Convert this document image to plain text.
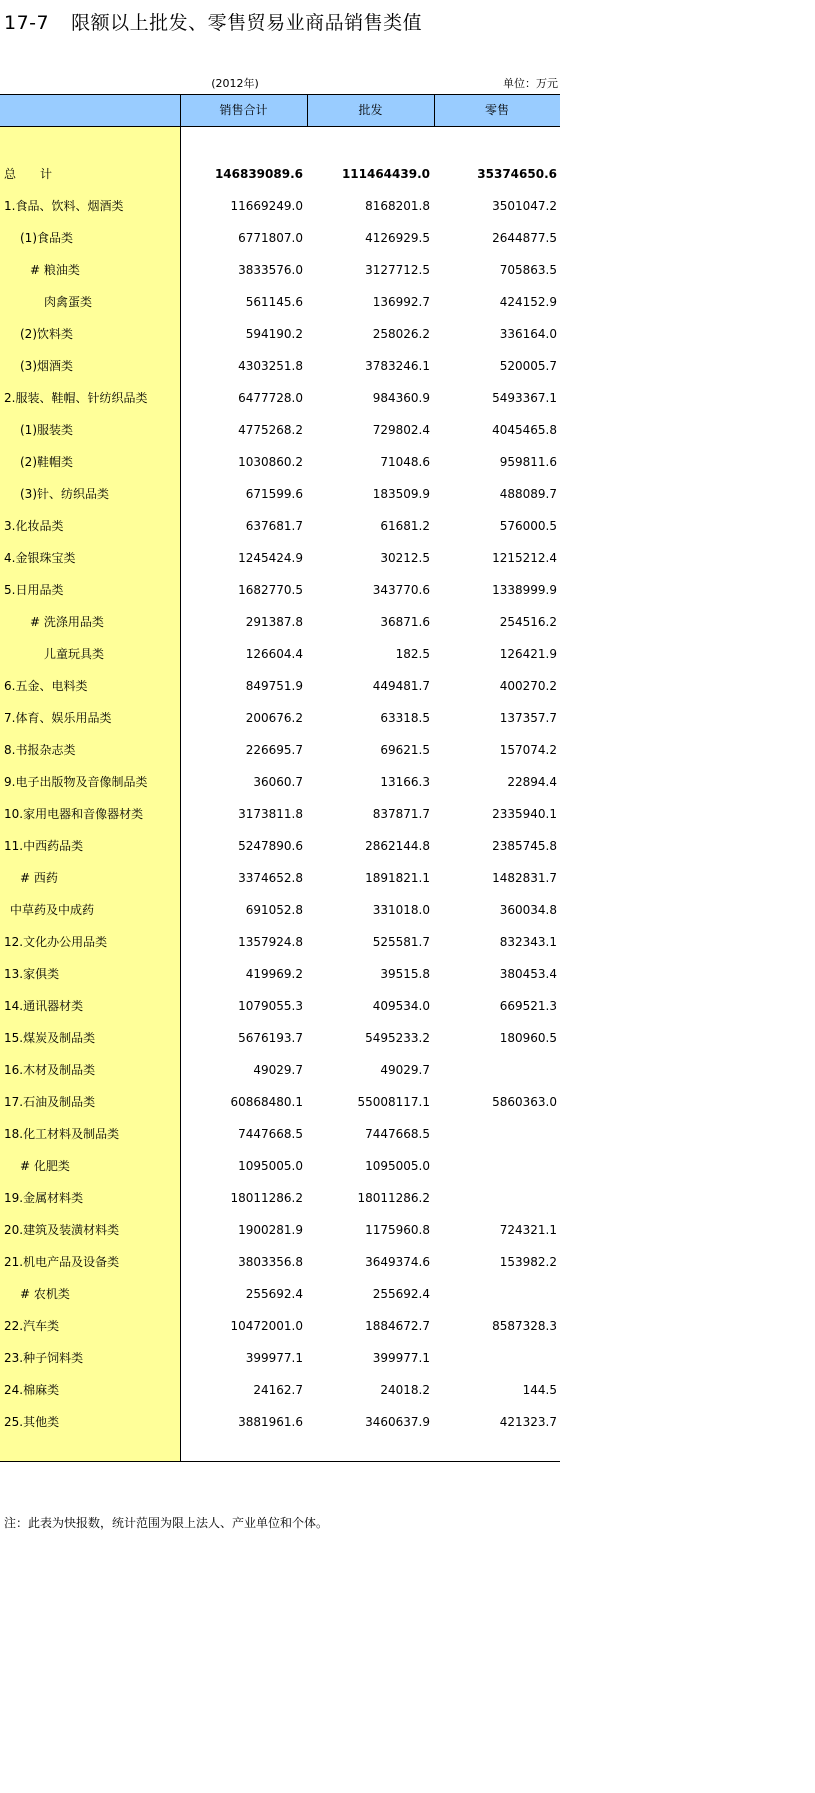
17-7 限额以上批发、零售贸易业商品销售类值
(2012年)	单位：万元
销售合计	批发	零售
总　　计	146839089.6	111464439.0	35374650.6
1.食品、饮料、烟酒类	11669249.0	8168201.8	3501047.2
(1)食品类	6771807.0	4126929.5	2644877.5
# 粮油类	3833576.0	3127712.5	705863.5
肉禽蛋类	561145.6	136992.7	424152.9
(2)饮料类	594190.2	258026.2	336164.0
(3)烟酒类	4303251.8	3783246.1	520005.7
2.服装、鞋帽、针纺织品类	6477728.0	984360.9	5493367.1
(1)服装类	4775268.2	729802.4	4045465.8
(2)鞋帽类	1030860.2	71048.6	959811.6
(3)针、纺织品类	671599.6	183509.9	488089.7
3.化妆品类	637681.7	61681.2	576000.5
4.金银珠宝类	1245424.9	30212.5	1215212.4
5.日用品类	1682770.5	343770.6	1338999.9
# 洗涤用品类	291387.8	36871.6	254516.2
儿童玩具类	126604.4	182.5	126421.9
6.五金、电料类	849751.9	449481.7	400270.2
7.体育、娱乐用品类	200676.2	63318.5	137357.7
8.书报杂志类	226695.7	69621.5	157074.2
9.电子出版物及音像制品类	36060.7	13166.3	22894.4
10.家用电器和音像器材类	3173811.8	837871.7	2335940.1
11.中西药品类	5247890.6	2862144.8	2385745.8
# 西药	3374652.8	1891821.1	1482831.7
中草药及中成药	691052.8	331018.0	360034.8
12.文化办公用品类	1357924.8	525581.7	832343.1
13.家俱类	419969.2	39515.8	380453.4
14.通讯器材类	1079055.3	409534.0	669521.3
15.煤炭及制品类	5676193.7	5495233.2	180960.5
16.木材及制品类	49029.7	49029.7
17.石油及制品类	60868480.1	55008117.1	5860363.0
18.化工材料及制品类	7447668.5	7447668.5
# 化肥类	1095005.0	1095005.0
19.金属材料类	18011286.2	18011286.2
20.建筑及装潢材料类	1900281.9	1175960.8	724321.1
21.机电产品及设备类	3803356.8	3649374.6	153982.2
# 农机类	255692.4	255692.4
22.汽车类	10472001.0	1884672.7	8587328.3
23.种子饲料类	399977.1	399977.1
24.棉麻类	24162.7	24018.2	144.5
25.其他类	3881961.6	3460637.9	421323.7
注：此表为快报数，统计范围为限上法人、产业单位和个体。
